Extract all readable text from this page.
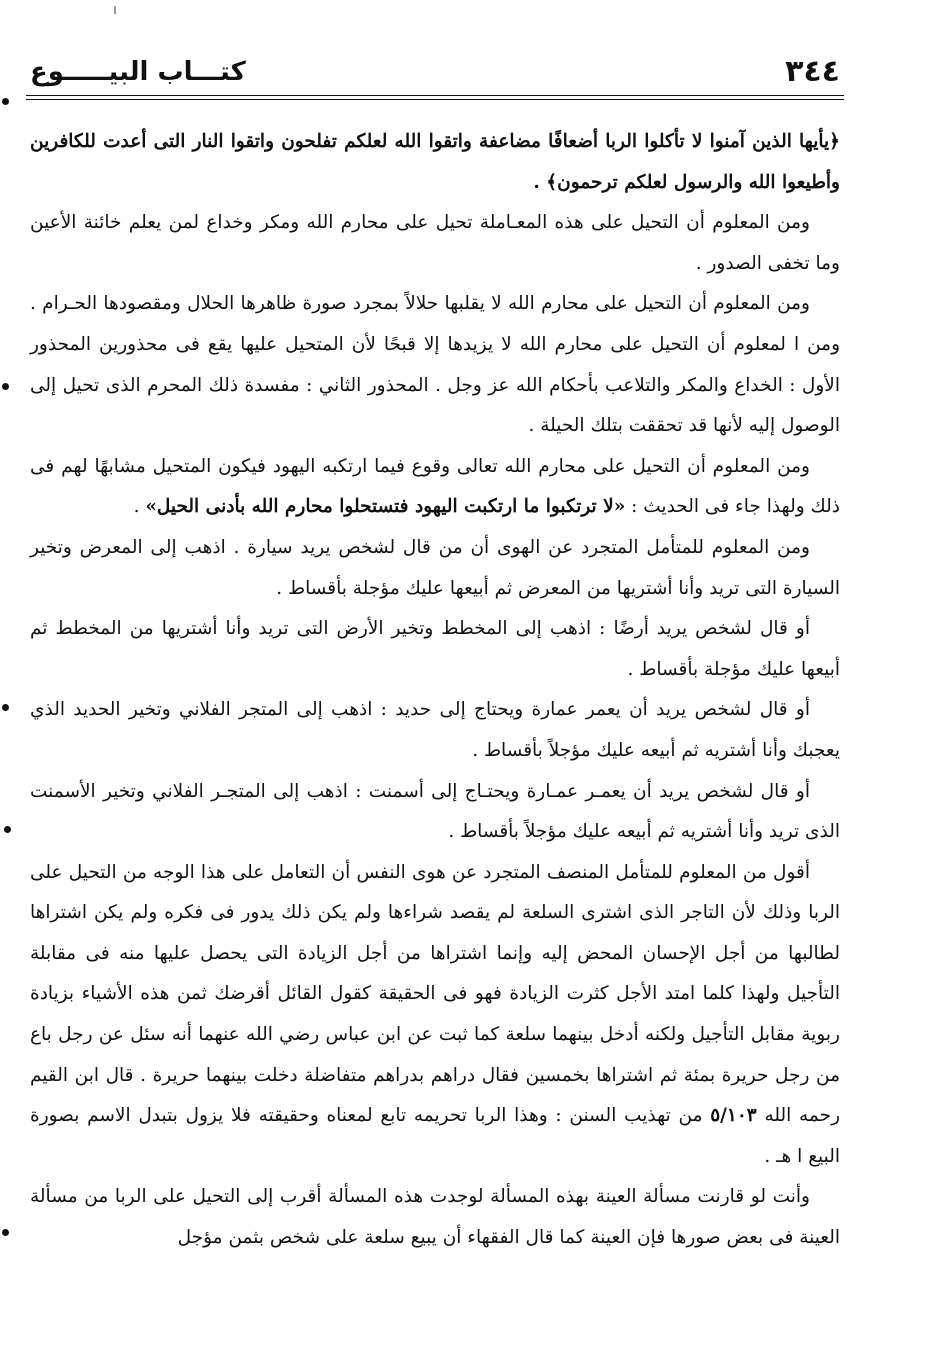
٣٤٤
كتـــاب البيـــــوع

﴿يأيها الذين آمنوا لا تأكلوا الربا أضعافًا مضاعفة واتقوا الله لعلكم تفلحون واتقوا النار التى أعدت للكافرين وأطيعوا الله والرسول لعلكم ترحمون﴾ .

ومن المعلوم أن التحيل على هذه المعـاملة تحيل على محارم الله ومكر وخداع لمن يعلم خائنة الأعين وما تخفى الصدور .

ومن المعلوم أن التحيل على محارم الله لا يقلبها حلالاً بمجرد صورة ظاهرها الحلال ومقصودها الحـرام . ومن ا لمعلوم أن التحيل على محارم الله لا يزيدها إلا قبحًا لأن المتحيل عليها يقع فى محذورين المحذور الأول : الخداع والمكر والتلاعب بأحكام الله عز وجل . المحذور الثاني : مفسدة ذلك المحرم الذى تحيل إلى الوصول إليه لأنها قد تحققت بتلك الحيلة .

ومن المعلوم أن التحيل على محارم الله تعالى وقوع فيما ارتكبه اليهود فيكون المتحيل مشابهًا لهم فى ذلك ولهذا جاء فى الحديث : «لا ترتكبوا ما ارتكبت اليهود فتستحلوا محارم الله بأدنى الحيل» .

ومن المعلوم للمتأمل المتجرد عن الهوى أن من قال لشخص يريد سيارة . اذهب إلى المعرض وتخير السيارة التى تريد وأنا أشتريها من المعرض ثم أبيعها عليك مؤجلة بأقساط .

أو قال لشخص يريد أرضًا : اذهب إلى المخطط وتخير الأرض التى تريد وأنا أشتريها من المخطط ثم أبيعها عليك مؤجلة بأقساط .

أو قال لشخص يريد أن يعمر عمارة ويحتاج إلى حديد : اذهب إلى المتجر الفلاني وتخير الحديد الذي يعجبك وأنا أشتريه ثم أبيعه عليك مؤجلاً بأقساط .

أو قال لشخص يريد أن يعمـر عمـارة ويحتـاج إلى أسمنت : اذهب إلى المتجـر الفلاني وتخير الأسمنت الذى تريد وأنا أشتريه ثم أبيعه عليك مؤجلاً بأقساط .

أقول من المعلوم للمتأمل المنصف المتجرد عن هوى النفس أن التعامل على هذا الوجه من التحيل على الربا وذلك لأن التاجر الذى اشترى السلعة لم يقصد شراءها ولم يكن ذلك يدور فى فكره ولم يكن اشتراها لطالبها من أجل الإحسان المحض إليه وإنما اشتراها من أجل الزيادة التى يحصل عليها منه فى مقابلة التأجيل ولهذا كلما امتد الأجل كثرت الزيادة فهو فى الحقيقة كقول القائل أقرضك ثمن هذه الأشياء بزيادة ربوية مقابل التأجيل ولكنه أدخل بينهما سلعة كما ثبت عن ابن عباس رضي الله عنهما أنه سئل عن رجل باع من رجل حريرة بمئة ثم اشتراها بخمسين فقال دراهم بدراهم متفاضلة دخلت بينهما حريرة . قال ابن القيم رحمه الله ٥/١٠٣ من تهذيب السنن : وهذا الربا تحريمه تابع لمعناه وحقيقته فلا يزول بتبدل الاسم بصورة البيع ا هـ .

وأنت لو قارنت مسألة العينة بهذه المسألة لوجدت هذه المسألة أقرب إلى التحيل على الربا من مسألة العينة فى بعض صورها فإن العينة كما قال الفقهاء أن يبيع سلعة على شخص بثمن مؤجل
